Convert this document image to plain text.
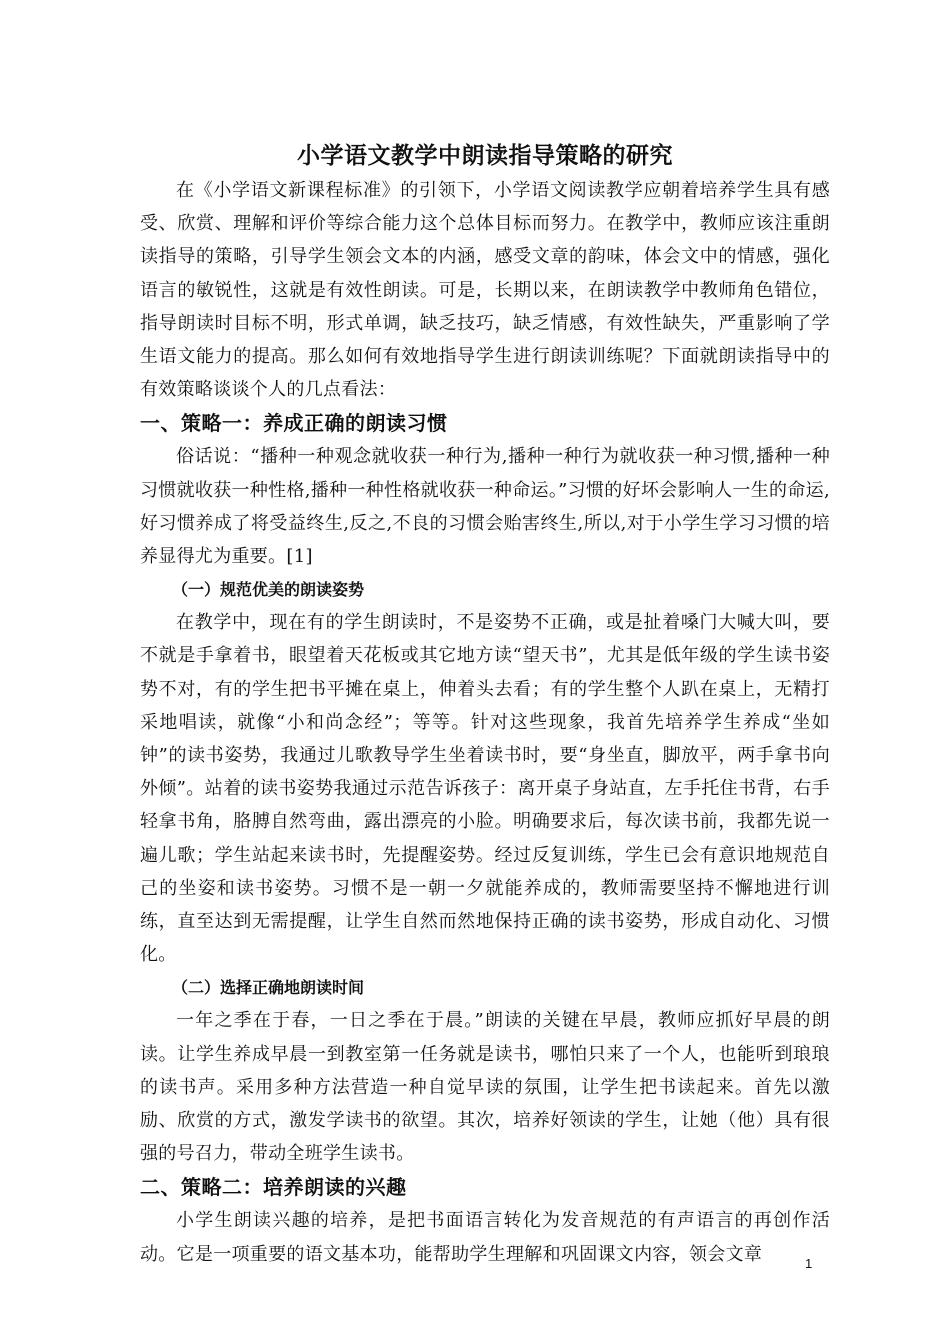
小学语文教学中朗读指导策略的研究

在《小学语文新课程标准》的引领下，小学语文阅读教学应朝着培养学生具有感受、欣赏、理解和评价等综合能力这个总体目标而努力。在教学中，教师应该注重朗读指导的策略，引导学生领会文本的内涵，感受文章的韵味，体会文中的情感，强化语言的敏锐性，这就是有效性朗读。可是，长期以来，在朗读教学中教师角色错位，指导朗读时目标不明，形式单调，缺乏技巧，缺乏情感，有效性缺失，严重影响了学生语文能力的提高。那么如何有效地指导学生进行朗读训练呢？下面就朗读指导中的有效策略谈谈个人的几点看法：

一、策略一：养成正确的朗读习惯

俗话说：“播种一种观念就收获一种行为,播种一种行为就收获一种习惯,播种一种习惯就收获一种性格,播种一种性格就收获一种命运。”习惯的好坏会影响人一生的命运,好习惯养成了将受益终生,反之,不良的习惯会贻害终生,所以,对于小学生学习习惯的培养显得尤为重要。[1]

（一）规范优美的朗读姿势

在教学中，现在有的学生朗读时，不是姿势不正确，或是扯着嗓门大喊大叫，要不就是手拿着书，眼望着天花板或其它地方读“望天书”，尤其是低年级的学生读书姿势不对，有的学生把书平摊在桌上，伸着头去看；有的学生整个人趴在桌上，无精打采地唱读，就像“小和尚念经”；等等。针对这些现象，我首先培养学生养成“坐如钟”的读书姿势，我通过儿歌教导学生坐着读书时，要“身坐直，脚放平，两手拿书向外倾”。站着的读书姿势我通过示范告诉孩子：离开桌子身站直，左手托住书背，右手轻拿书角，胳膊自然弯曲，露出漂亮的小脸。明确要求后，每次读书前，我都先说一遍儿歌；学生站起来读书时，先提醒姿势。经过反复训练，学生已会有意识地规范自己的坐姿和读书姿势。习惯不是一朝一夕就能养成的，教师需要坚持不懈地进行训练，直至达到无需提醒，让学生自然而然地保持正确的读书姿势，形成自动化、习惯化。

（二）选择正确地朗读时间

一年之季在于春，一日之季在于晨。”朗读的关键在早晨，教师应抓好早晨的朗读。让学生养成早晨一到教室第一任务就是读书，哪怕只来了一个人，也能听到琅琅的读书声。采用多种方法营造一种自觉早读的氛围，让学生把书读起来。首先以激励、欣赏的方式，激发学读书的欲望。其次，培养好领读的学生，让她（他）具有很强的号召力，带动全班学生读书。

二、策略二：培养朗读的兴趣

小学生朗读兴趣的培养，是把书面语言转化为发音规范的有声语言的再创作活动。它是一项重要的语文基本功，能帮助学生理解和巩固课文内容，领会文章	1
